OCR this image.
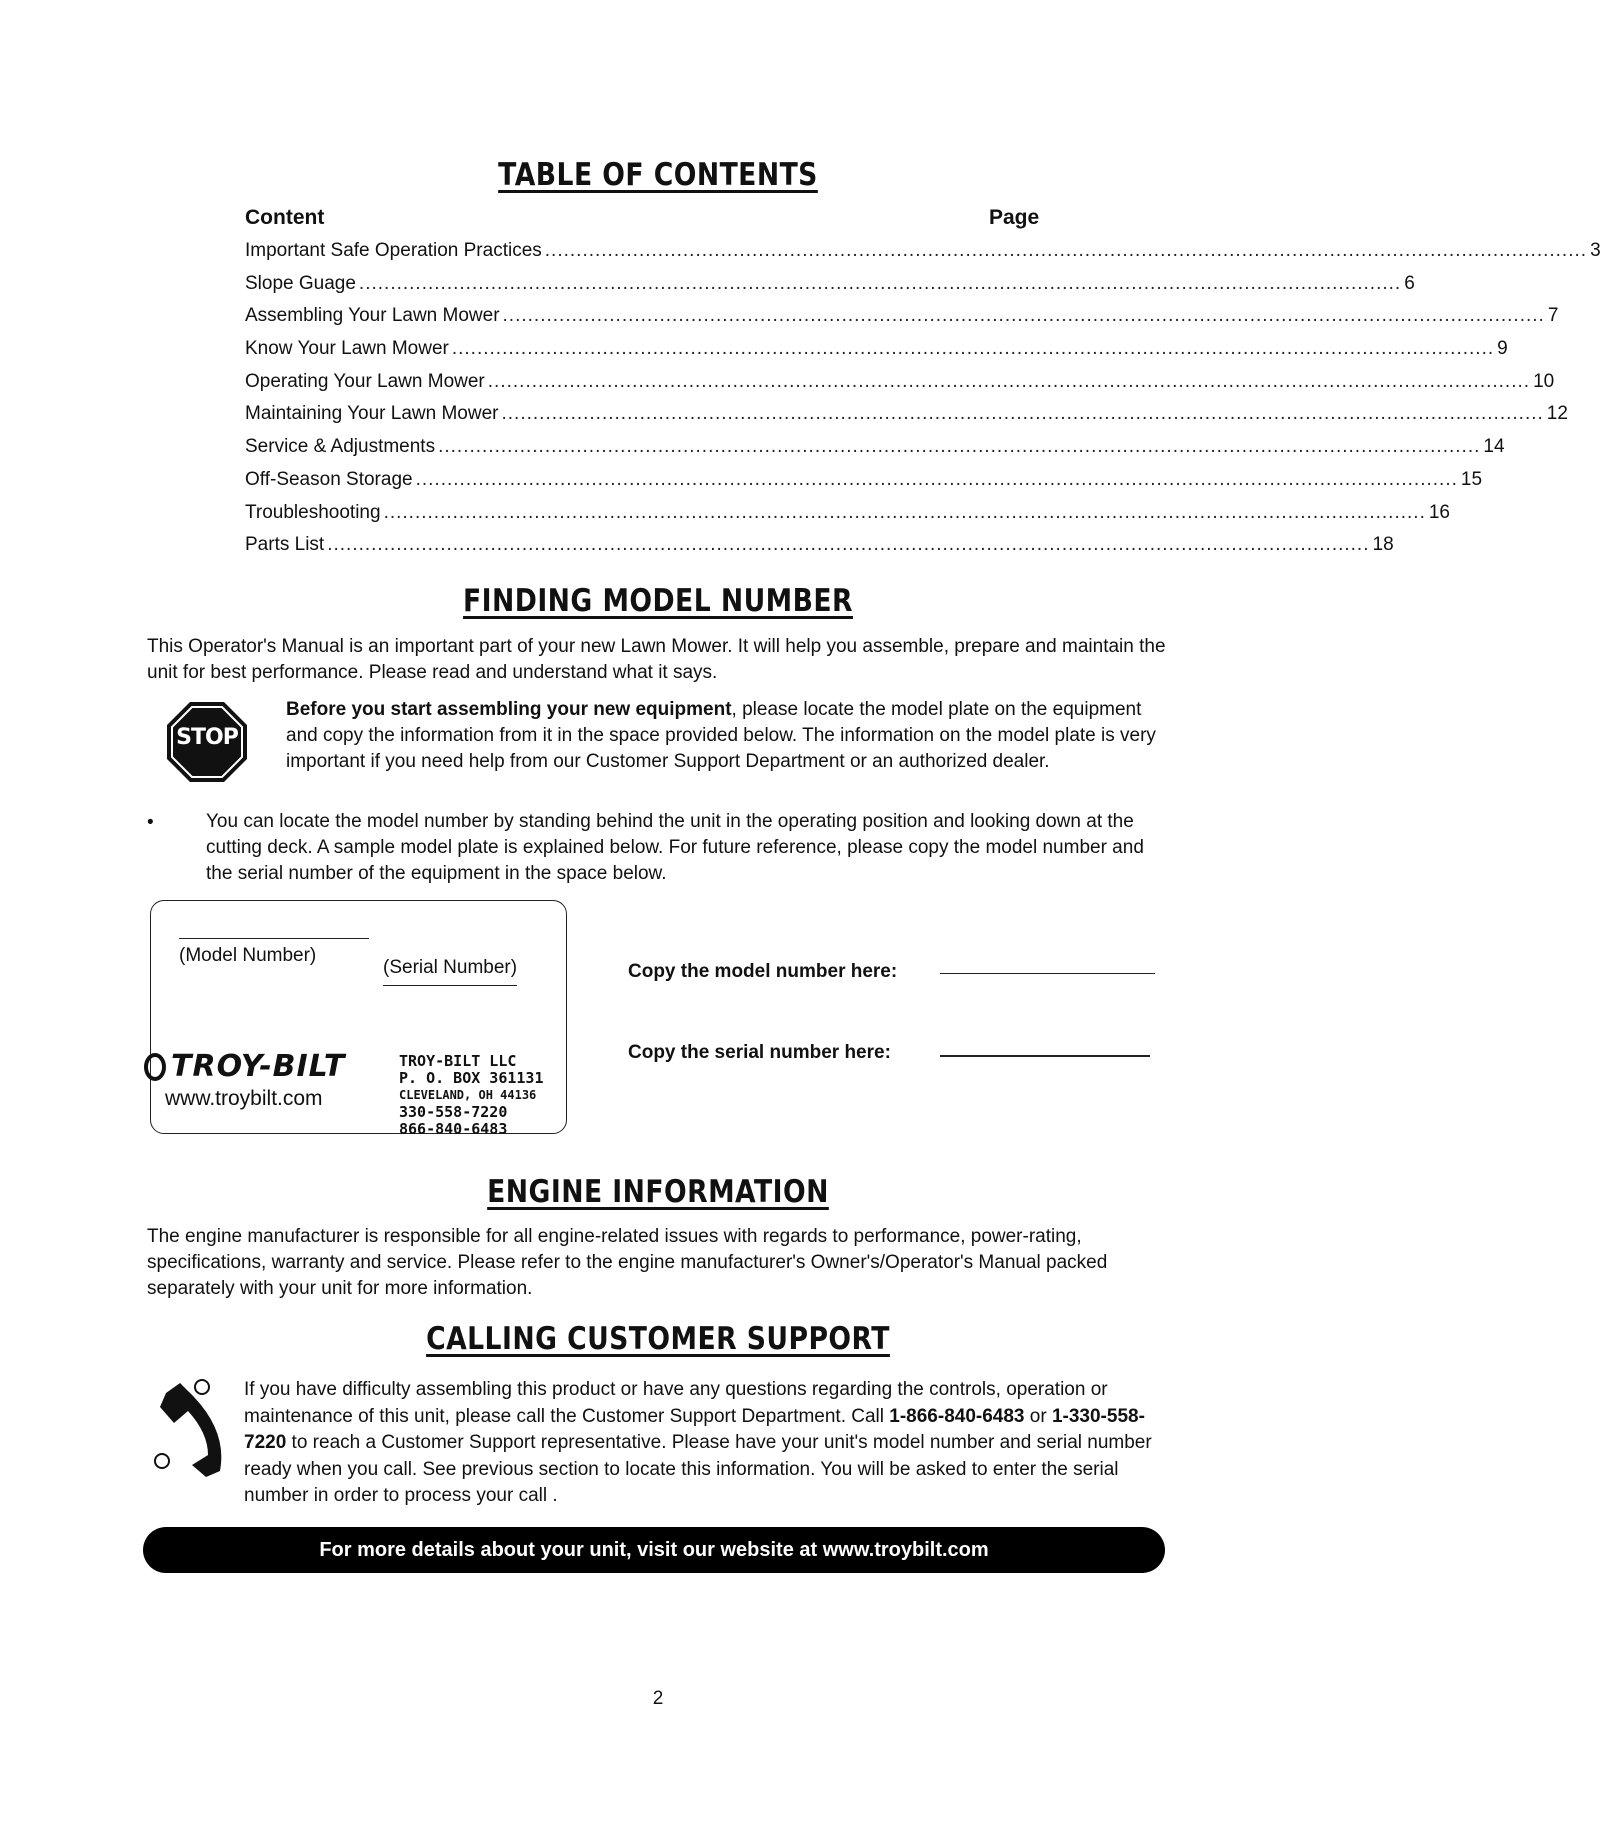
TABLE OF CONTENTS
Content	Page
Important Safe Operation Practices ...................................................................................................................................................................... 3
Slope Guage ...................................................................................................................................................................... 6
Assembling Your Lawn Mower ...................................................................................................................................................................... 7
Know Your Lawn Mower ...................................................................................................................................................................... 9
Operating Your Lawn Mower ...................................................................................................................................................................... 10
Maintaining Your Lawn Mower ...................................................................................................................................................................... 12
Service & Adjustments ...................................................................................................................................................................... 14
Off-Season Storage ...................................................................................................................................................................... 15
Troubleshooting ...................................................................................................................................................................... 16
Parts List ...................................................................................................................................................................... 18
FINDING MODEL NUMBER
This Operator's Manual is an important part of your new Lawn Mower. It will help you assemble, prepare and maintain the unit for best performance. Please read and understand what it says.
STOP
Before you start assembling your new equipment, please locate the model plate on the equipment and copy the information from it in the space provided below. The information on the model plate is very important if you need help from our Customer Support Department or an authorized dealer.
•	You can locate the model number by standing behind the unit in the operating position and looking down at the cutting deck. A sample model plate is explained below. For future reference, please copy the model number and the serial number of the equipment in the space below.
(Model Number)
(Serial Number)
TROY-BILT
www.troybilt.com
TROY-BILT LLC
P. O. BOX 361131
CLEVELAND, OH 44136
330-558-7220
866-840-6483
Copy the model number here:
Copy the serial number here:
ENGINE INFORMATION
The engine manufacturer is responsible for all engine-related issues with regards to performance, power-rating, specifications, warranty and service. Please refer to the engine manufacturer's Owner's/Operator's Manual packed separately with your unit for more information.
CALLING CUSTOMER SUPPORT
If you have difficulty assembling this product or have any questions regarding the controls, operation or maintenance of this unit, please call the Customer Support Department. Call 1-866-840-6483 or 1-330-558-7220 to reach a Customer Support representative. Please have your unit's model number and serial number ready when you call. See previous section to locate this information. You will be asked to enter the serial number in order to process your call .
For more details about your unit, visit our website at www.troybilt.com
2
